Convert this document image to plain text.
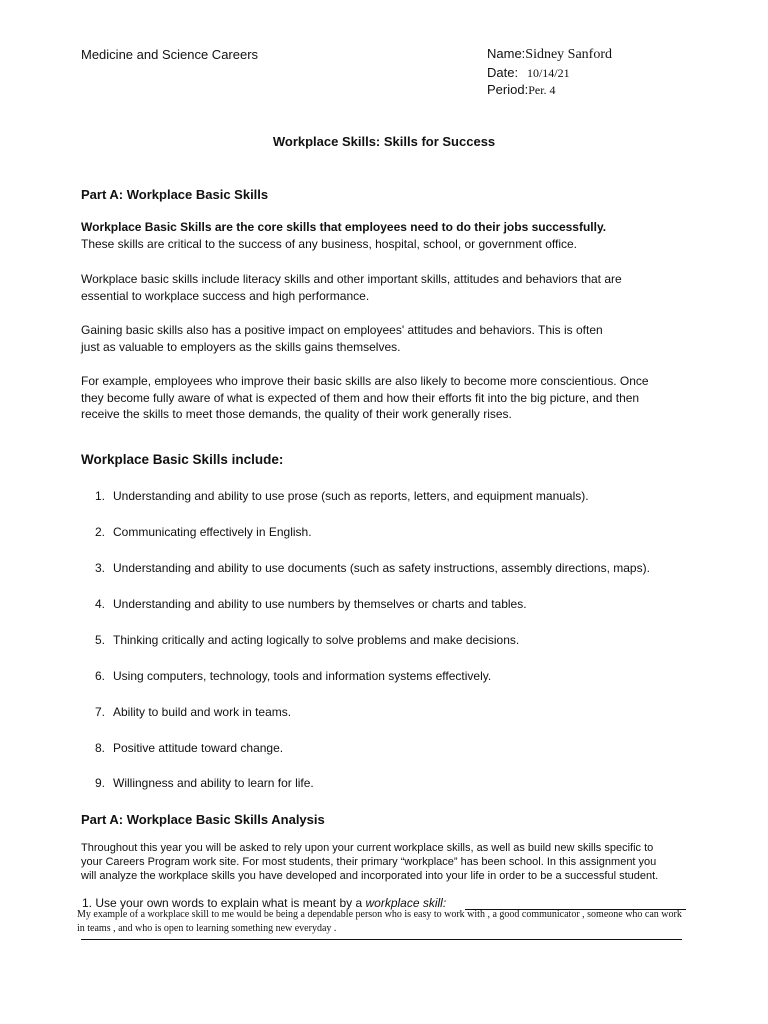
Medicine and Science Careers	Name:Sidney Sanford
Date: 10/14/21
Period:Per. 4
Workplace Skills: Skills for Success
Part A: Workplace Basic Skills
Workplace Basic Skills are the core skills that employees need to do their jobs successfully.
These skills are critical to the success of any business, hospital, school, or government office.
Workplace basic skills include literacy skills and other important skills, attitudes and behaviors that are
essential to workplace success and high performance.
Gaining basic skills also has a positive impact on employees' attitudes and behaviors. This is often
just as valuable to employers as the skills gains themselves.
For example, employees who improve their basic skills are also likely to become more conscientious. Once
they become fully aware of what is expected of them and how their efforts fit into the big picture, and then
receive the skills to meet those demands, the quality of their work generally rises.
Workplace Basic Skills include:
1. Understanding and ability to use prose (such as reports, letters, and equipment manuals).
2. Communicating effectively in English.
3. Understanding and ability to use documents (such as safety instructions, assembly directions, maps).
4. Understanding and ability to use numbers by themselves or charts and tables.
5. Thinking critically and acting logically to solve problems and make decisions.
6. Using computers, technology, tools and information systems effectively.
7. Ability to build and work in teams.
8. Positive attitude toward change.
9. Willingness and ability to learn for life.
Part A: Workplace Basic Skills Analysis
Throughout this year you will be asked to rely upon your current workplace skills, as well as build new skills specific to
your Careers Program work site. For most students, their primary “workplace” has been school. In this assignment you
will analyze the workplace skills you have developed and incorporated into your life in order to be a successful student.
1. Use your own words to explain what is meant by a workplace skill:
My example of a workplace skill to me would be being a dependable person who is easy to work with , a good communicator , someone who can work
in teams , and who is open to learning something new everyday .
